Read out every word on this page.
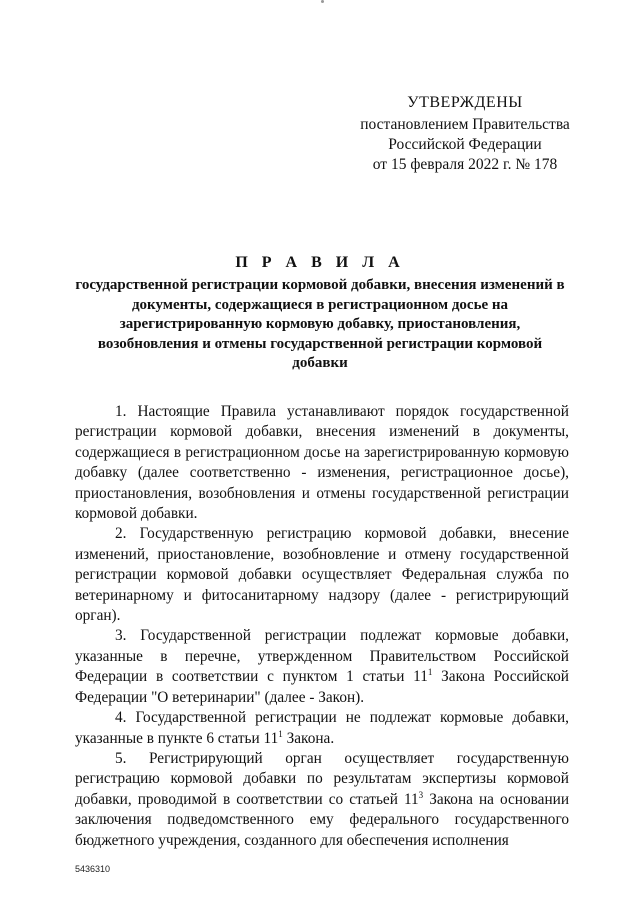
УТВЕРЖДЕНЫ
постановлением Правительства
Российской Федерации
от 15 февраля 2022 г. № 178
П Р А В И Л А
государственной регистрации кормовой добавки, внесения изменений в документы, содержащиеся в регистрационном досье на зарегистрированную кормовую добавку, приостановления, возобновления и отмены государственной регистрации кормовой добавки

1. Настоящие Правила устанавливают порядок государственной регистрации кормовой добавки, внесения изменений в документы, содержащиеся в регистрационном досье на зарегистрированную кормовую добавку (далее соответственно - изменения, регистрационное досье), приостановления, возобновления и отмены государственной регистрации кормовой добавки.

2. Государственную регистрацию кормовой добавки, внесение изменений, приостановление, возобновление и отмену государственной регистрации кормовой добавки осуществляет Федеральная служба по ветеринарному и фитосанитарному надзору (далее - регистрирующий орган).

3. Государственной регистрации подлежат кормовые добавки, указанные в перечне, утвержденном Правительством Российской Федерации в соответствии с пунктом 1 статьи $11^1$ Закона Российской Федерации "О ветеринарии" (далее - Закон).

4. Государственной регистрации не подлежат кормовые добавки, указанные в пункте 6 статьи $11^1$ Закона.

5. Регистрирующий орган осуществляет государственную регистрацию кормовой добавки по результатам экспертизы кормовой добавки, проводимой в соответствии со статьей $11^3$ Закона на основании заключения подведомственного ему федерального государственного бюджетного учреждения, созданного для обеспечения исполнения

5436310
